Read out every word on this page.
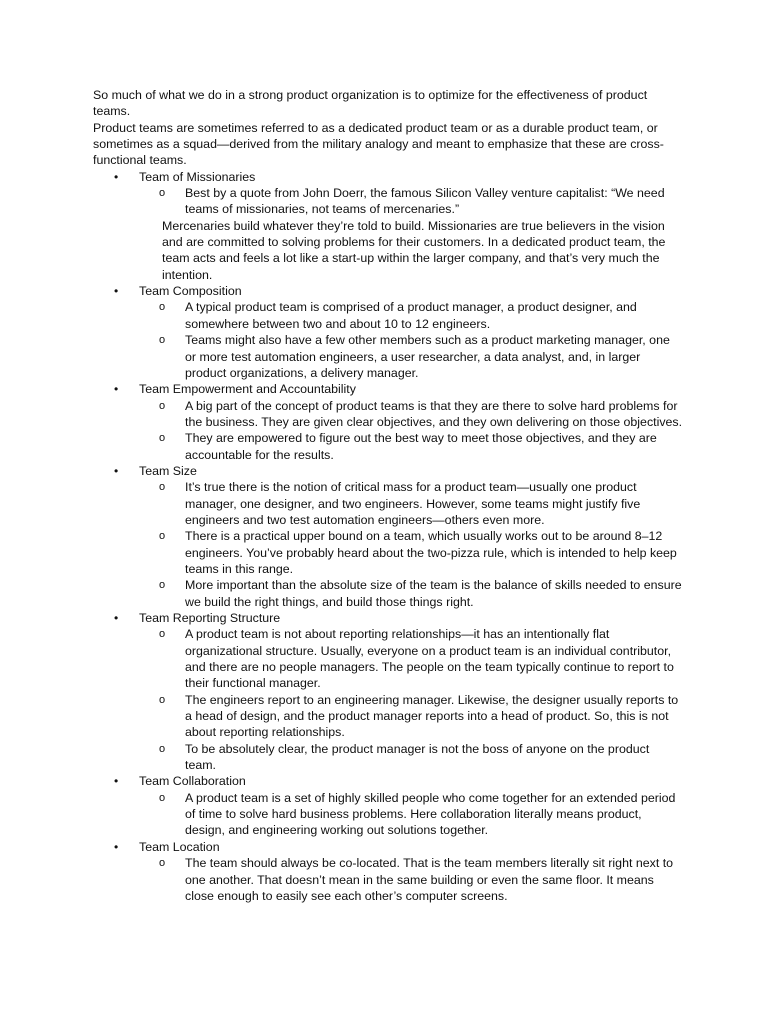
So much of what we do in a strong product organization is to optimize for the effectiveness of product teams.

Product teams are sometimes referred to as a dedicated product team or as a durable product team, or sometimes as a squad—derived from the military analogy and meant to emphasize that these are cross-functional teams.

• Team of Missionaries
o Best by a quote from John Doerr, the famous Silicon Valley venture capitalist: “We need teams of missionaries, not teams of mercenaries.”
Mercenaries build whatever they’re told to build. Missionaries are true believers in the vision and are committed to solving problems for their customers. In a dedicated product team, the team acts and feels a lot like a start-up within the larger company, and that’s very much the intention.
• Team Composition
o A typical product team is comprised of a product manager, a product designer, and somewhere between two and about 10 to 12 engineers.
o Teams might also have a few other members such as a product marketing manager, one or more test automation engineers, a user researcher, a data analyst, and, in larger product organizations, a delivery manager.
• Team Empowerment and Accountability
o A big part of the concept of product teams is that they are there to solve hard problems for the business. They are given clear objectives, and they own delivering on those objectives.
o They are empowered to figure out the best way to meet those objectives, and they are accountable for the results.
• Team Size
o It’s true there is the notion of critical mass for a product team—usually one product manager, one designer, and two engineers. However, some teams might justify five engineers and two test automation engineers—others even more.
o There is a practical upper bound on a team, which usually works out to be around 8–12 engineers. You’ve probably heard about the two-pizza rule, which is intended to help keep teams in this range.
o More important than the absolute size of the team is the balance of skills needed to ensure we build the right things, and build those things right.
• Team Reporting Structure
o A product team is not about reporting relationships—it has an intentionally flat organizational structure. Usually, everyone on a product team is an individual contributor, and there are no people managers. The people on the team typically continue to report to their functional manager.
o The engineers report to an engineering manager. Likewise, the designer usually reports to a head of design, and the product manager reports into a head of product. So, this is not about reporting relationships.
o To be absolutely clear, the product manager is not the boss of anyone on the product team.
• Team Collaboration
o A product team is a set of highly skilled people who come together for an extended period of time to solve hard business problems. Here collaboration literally means product, design, and engineering working out solutions together.
• Team Location
o The team should always be co-located. That is the team members literally sit right next to one another. That doesn’t mean in the same building or even the same floor. It means close enough to easily see each other’s computer screens.
